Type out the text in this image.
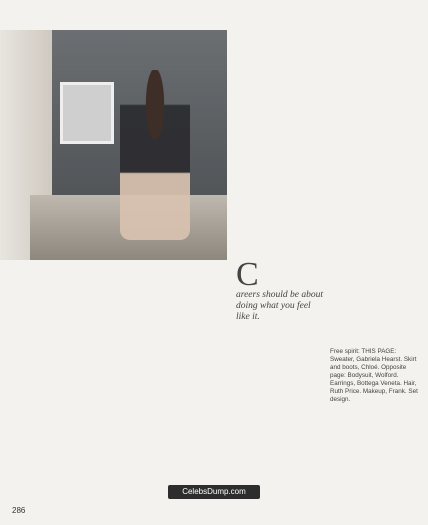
C
areers should be about doing what you feel like it.
Free spirit: THIS PAGE: Sweater, Gabriela Hearst. Skirt and boots, Chloé. Opposite page: Bodysuit, Wolford. Earrings, Bottega Veneta. Hair, Ruth Price. Makeup, Frank. Set design.
CelebsDump.com
286
